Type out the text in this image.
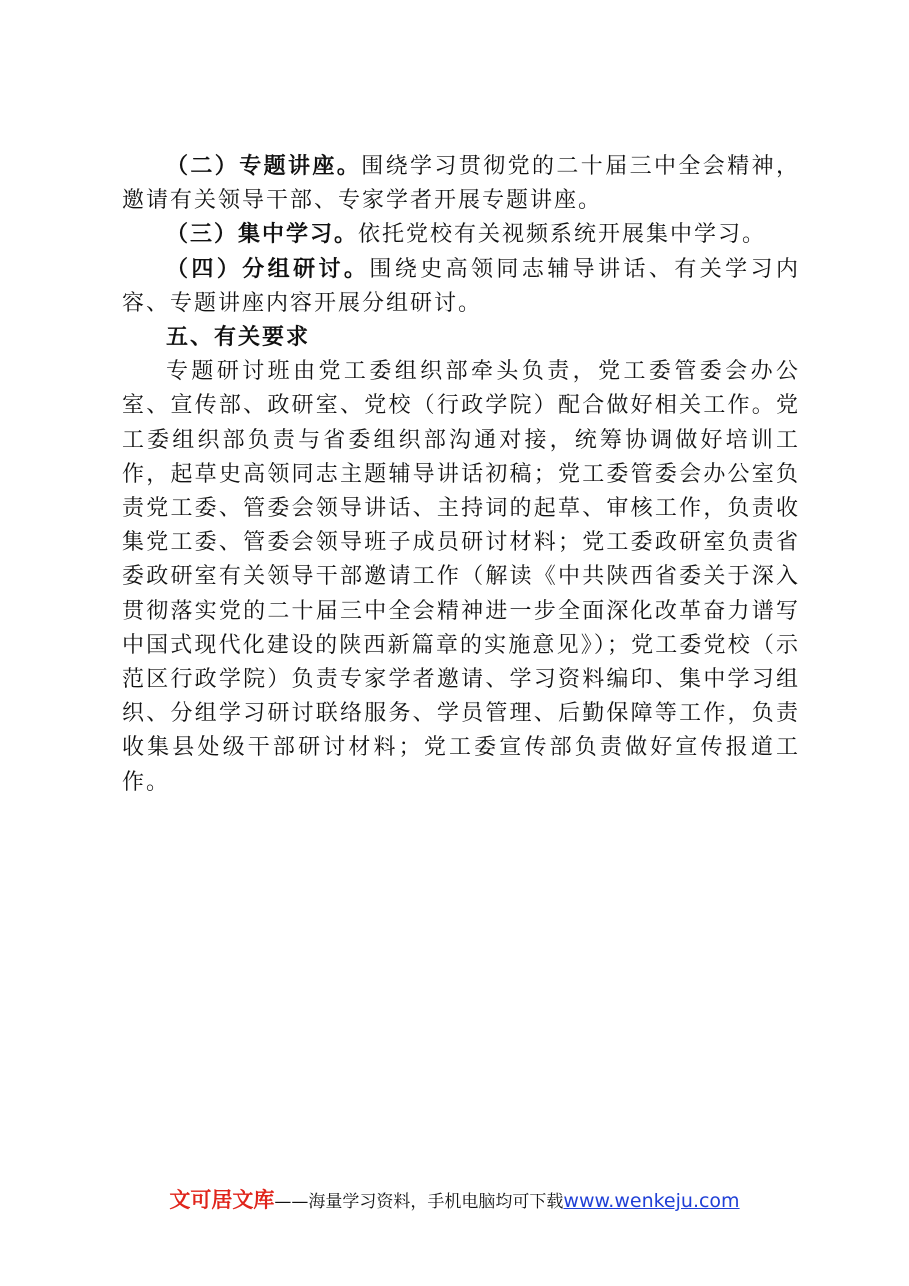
（二）专题讲座。围绕学习贯彻党的二十届三中全会精神，邀请有关领导干部、专家学者开展专题讲座。

（三）集中学习。依托党校有关视频系统开展集中学习。

（四）分组研讨。围绕史高领同志辅导讲话、有关学习内容、专题讲座内容开展分组研讨。

五、有关要求

专题研讨班由党工委组织部牵头负责，党工委管委会办公室、宣传部、政研室、党校（行政学院）配合做好相关工作。党工委组织部负责与省委组织部沟通对接，统筹协调做好培训工作，起草史高领同志主题辅导讲话初稿；党工委管委会办公室负责党工委、管委会领导讲话、主持词的起草、审核工作，负责收集党工委、管委会领导班子成员研讨材料；党工委政研室负责省委政研室有关领导干部邀请工作（解读《中共陕西省委关于深入贯彻落实党的二十届三中全会精神进一步全面深化改革奋力谱写中国式现代化建设的陕西新篇章的实施意见》）；党工委党校（示范区行政学院）负责专家学者邀请、学习资料编印、集中学习组织、分组学习研讨联络服务、学员管理、后勤保障等工作，负责收集县处级干部研讨材料；党工委宣传部负责做好宣传报道工作。

文可居文库——海量学习资料，手机电脑均可下载www.wenkeju.com
